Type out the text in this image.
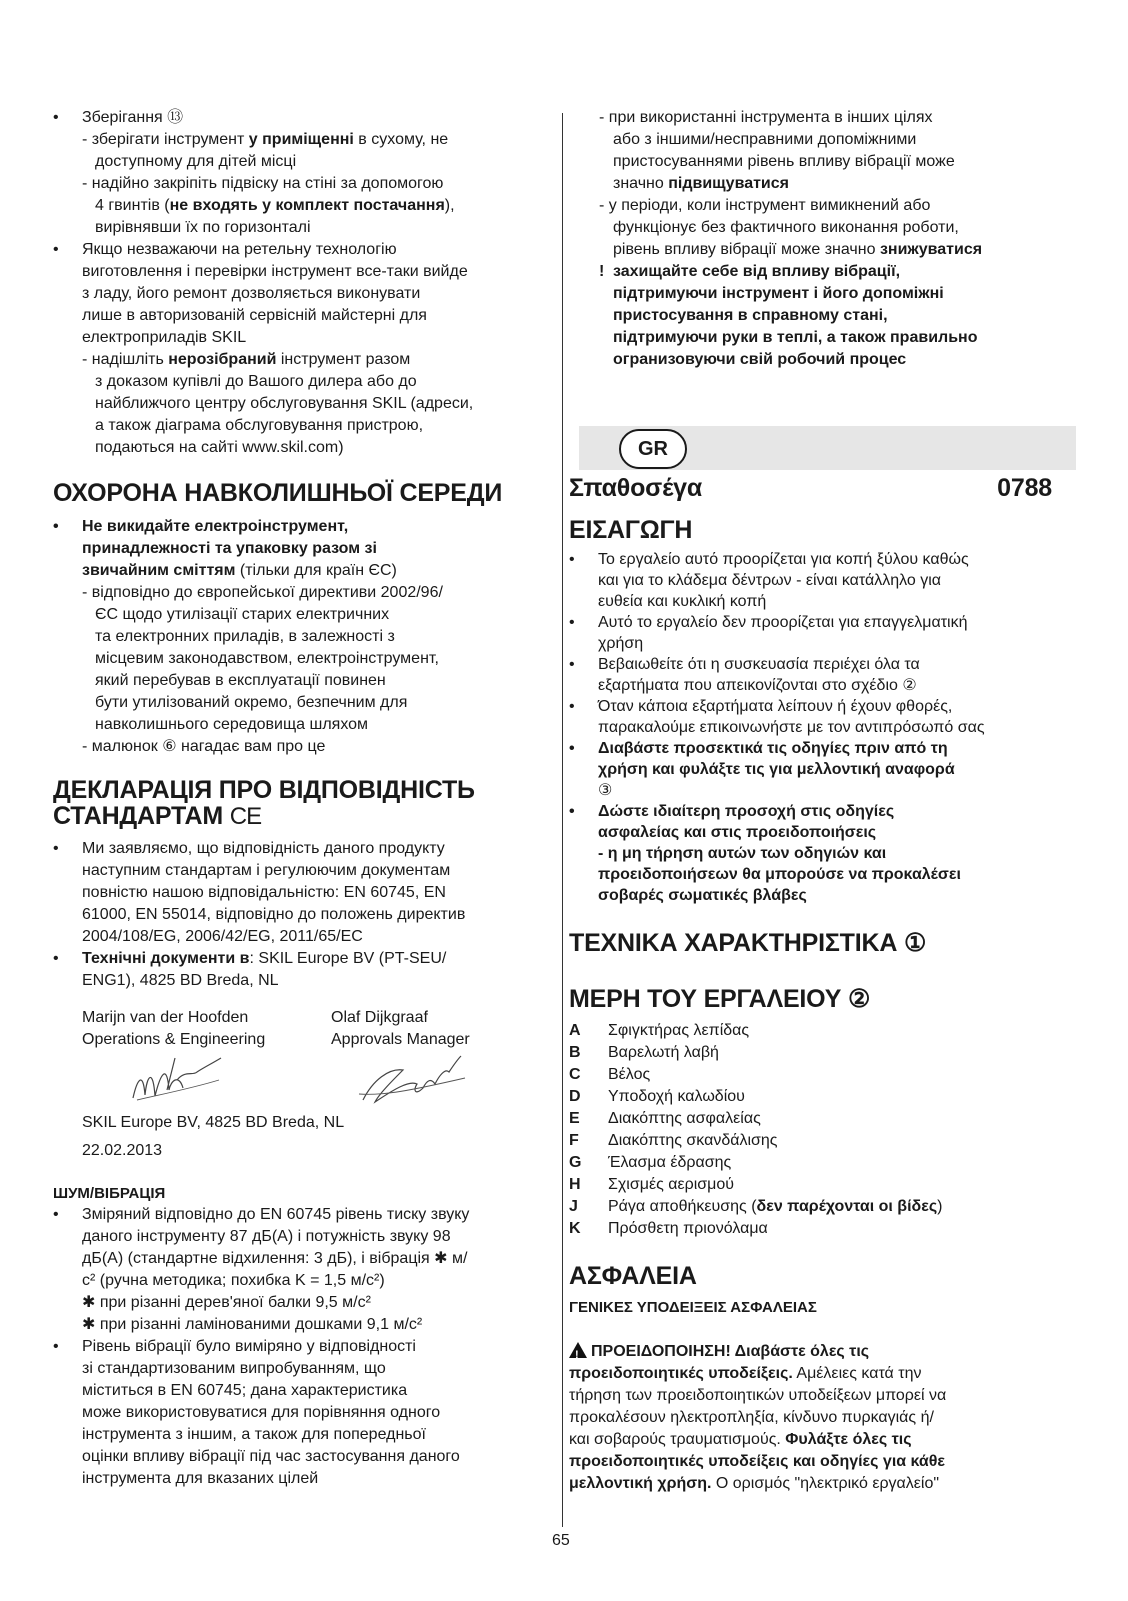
• Зберігання ⑬
- зберігати інструмент у приміщенні в сухому, не
доступному для дітей місці
- надійно закріпіть підвіску на стіні за допомогою
4 гвинтів (не входять у комплект постачання),
вирівнявши їх по горизонталі
• Якщо незважаючи на ретельну технологію
виготовлення і перевірки інструмент все-таки вийде
з ладу, його ремонт дозволяється виконувати
лише в авторизованій сервісній майстерні для
електроприладів SKIL
- надішліть нерозібраний інструмент разом
з доказом купівлі до Вашого дилера або до
найближчого центру обслуговування SKIL (адреси,
а також діаграма обслуговування пристрою,
подаються на сайті www.skil.com)
ОХОРОНА НАВКОЛИШНЬОЇ СЕРЕДИ
• Не викидайте електроінструмент,
принадлежності та упаковку разом зі
звичайним сміттям (тільки для країн ЄС)
- відповідно до європейської директиви 2002/96/
ЄС щодо утилізації старих електричних
та електронних приладів, в залежності з
місцевим законодавством, електроінструмент,
який перебував в експлуатації повинен
бути утилізований окремо, безпечним для
навколишнього середовища шляхом
- малюнок ⑥ нагадає вам про це
ДЕКЛАРАЦІЯ ПРО ВІДПОВІДНІСТЬ
СТАНДАРТАМ CE
• Ми заявляємо, що відповідність даного продукту
наступним стандартам і регулюючим документам
повністю нашою відповідальністю: EN 60745, EN
61000, EN 55014, відповідно до положень директив
2004/108/EG, 2006/42/EG, 2011/65/EC
• Технічні документи в: SKIL Europe BV (PT-SEU/
ENG1), 4825 BD Breda, NL
Marijn van der Hoofden
Operations & Engineering
Olaf Dijkgraaf
Approvals Manager
SKIL Europe BV, 4825 BD Breda, NL
22.02.2013
ШУМ/ВІБРАЦІЯ
• Зміряний відповідно до EN 60745 рівень тиску звуку
даного інструменту 87 дБ(A) і потужність звуку 98
дБ(A) (стандартне відхилення: 3 дБ), і вібрація ✱ м/
с² (ручна методика; похибка K = 1,5 м/с²)
✱ при різанні дерев'яної балки 9,5 м/с²
✱ при різанні ламінованими дошками 9,1 м/с²
• Рівень вібрації було виміряно у відповідності
зі стандартизованим випробуванням, що
міститься в EN 60745; дана характеристика
може використовуватися для порівняння одного
інструмента з іншим, а також для попередньої
оцінки впливу вібрації під час застосування даного
інструмента для вказаних цілей
- при використанні інструмента в інших цілях
або з іншими/несправними допоміжними
пристосуваннями рівень впливу вібрації може
значно підвищуватися
- у періоди, коли інструмент вимикнений або
функціонує без фактичного виконання роботи,
рівень впливу вібрації може значно знижуватися
! захищайте себе від впливу вібрації,
підтримуючи інструмент і його допоміжні
пристосування в справному стані,
підтримуючи руки в теплі, а також правильно
огранизовуючи свій робочий процес
GR
Σπαθοσέγα	0788
ΕΙΣΑΓΩΓΗ
• Το εργαλείο αυτό προορίζεται για κοπή ξύλου καθώς
και για το κλάδεμα δέντρων - είναι κατάλληλο για
ευθεία και κυκλική κοπή
• Αυτό το εργαλείο δεν προορίζεται για επαγγελματική
χρήση
• Βεβαιωθείτε ότι η συσκευασία περιέχει όλα τα
εξαρτήματα που απεικονίζονται στο σχέδιο ②
• Όταν κάποια εξαρτήματα λείπουν ή έχουν φθορές,
παρακαλούμε επικοινωνήστε με τον αντιπρόσωπό σας
• Διαβάστε προσεκτικά τις οδηγίες πριν από τη
χρήση και φυλάξτε τις για μελλοντική αναφορά
③
• Δώστε ιδιαίτερη προσοχή στις οδηγίες
ασφαλείας και στις προειδοποιήσεις
- η μη τήρηση αυτών των οδηγιών και
προειδοποιήσεων θα μπορούσε να προκαλέσει
σοβαρές σωματικές βλάβες
ΤΕΧΝΙΚΑ ΧΑΡΑΚΤΗΡΙΣΤΙΚΑ ①
ΜΕΡΗ ΤΟΥ ΕΡΓΑΛΕΙΟΥ ②
A Σφιγκτήρας λεπίδας
B Βαρελωτή λαβή
C Βέλος
D Υποδοχή καλωδίου
E Διακόπτης ασφαλείας
F Διακόπτης σκανδάλισης
G Έλασμα έδρασης
H Σχισμές αερισμού
J Ράγα αποθήκευσης (δεν παρέχονται οι βίδες)
K Πρόσθετη πριονόλαμα
ΑΣΦΑΛΕΙΑ
ΓΕΝΙΚΕΣ ΥΠΟΔΕΙΞΕΙΣ ΑΣΦΑΛΕΙΑΣ
!ΠΡΟΕΙΔΟΠΟΙΗΣΗ! Διαβάστε όλες τις
προειδοποιητικές υποδείξεις. Αμέλειες κατά την
τήρηση των προειδοποιητικών υποδείξεων μπορεί να
προκαλέσουν ηλεκτροπληξία, κίνδυνο πυρκαγιάς ή/
και σοβαρούς τραυματισμούς. Φυλάξτε όλες τις
προειδοποιητικές υποδείξεις και οδηγίες για κάθε
μελλοντική χρήση. Ο ορισμός "ηλεκτρικό εργαλείο"
65
